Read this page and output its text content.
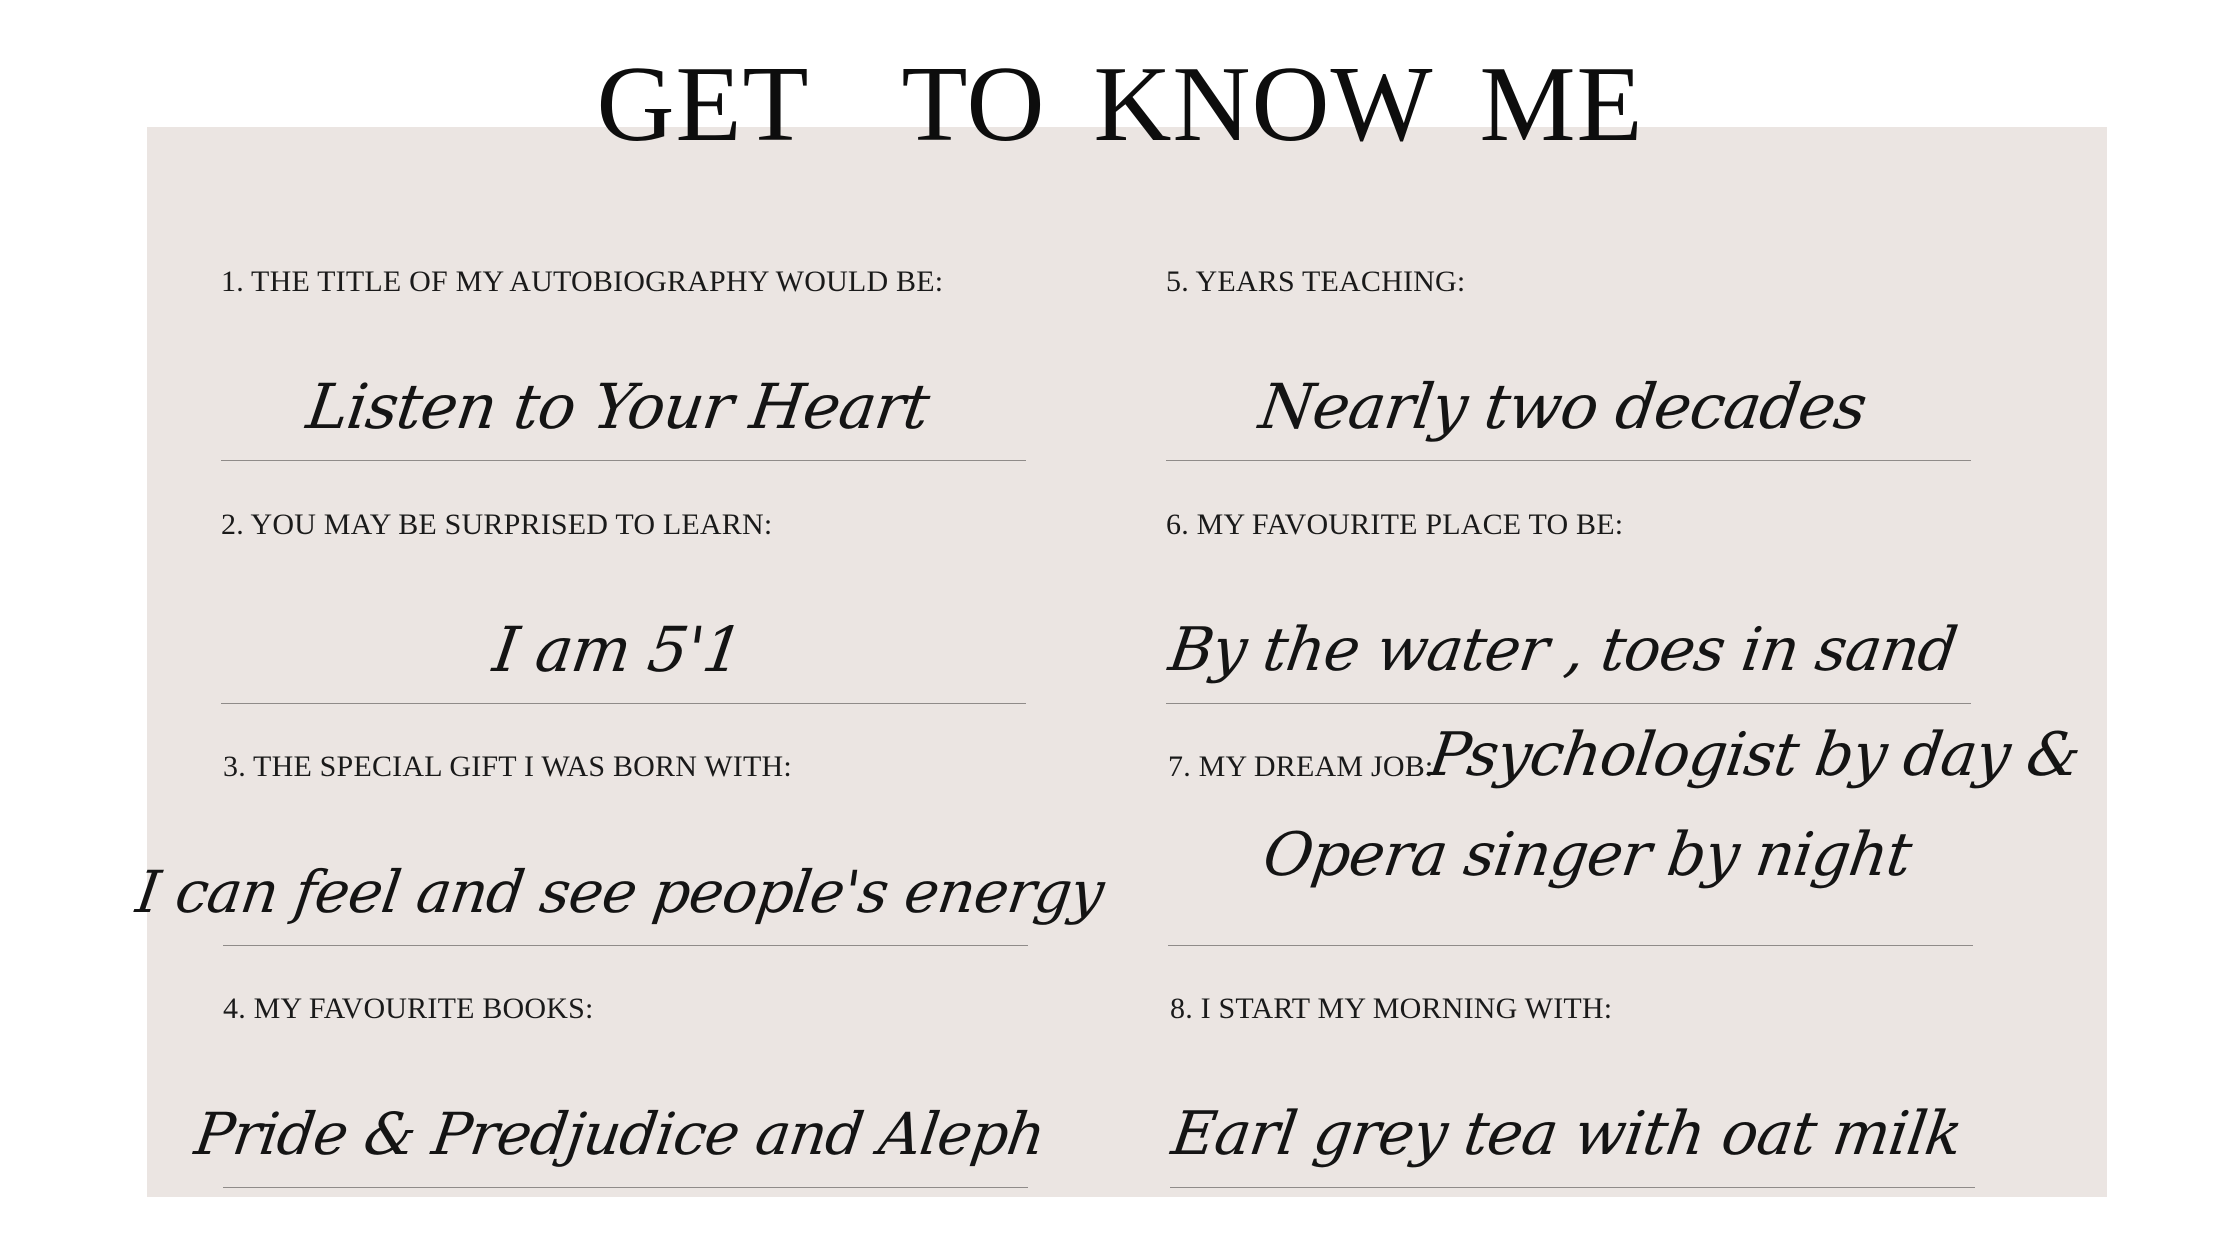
GET  TO KNOW ME
1. THE TITLE OF MY AUTOBIOGRAPHY WOULD BE:
Listen to Your Heart
2. YOU MAY BE SURPRISED TO LEARN:
I am 5'1
3. THE SPECIAL GIFT I WAS BORN WITH:
I can feel and see people's energy
4. MY FAVOURITE BOOKS:
Pride & Predjudice and Aleph
5. YEARS TEACHING:
Nearly two decades
6. MY FAVOURITE PLACE TO BE:
By the water , toes in sand
7. MY DREAM JOB:
Psychologist by day &
Opera singer by night
8. I START MY MORNING WITH:
Earl grey tea with oat milk
